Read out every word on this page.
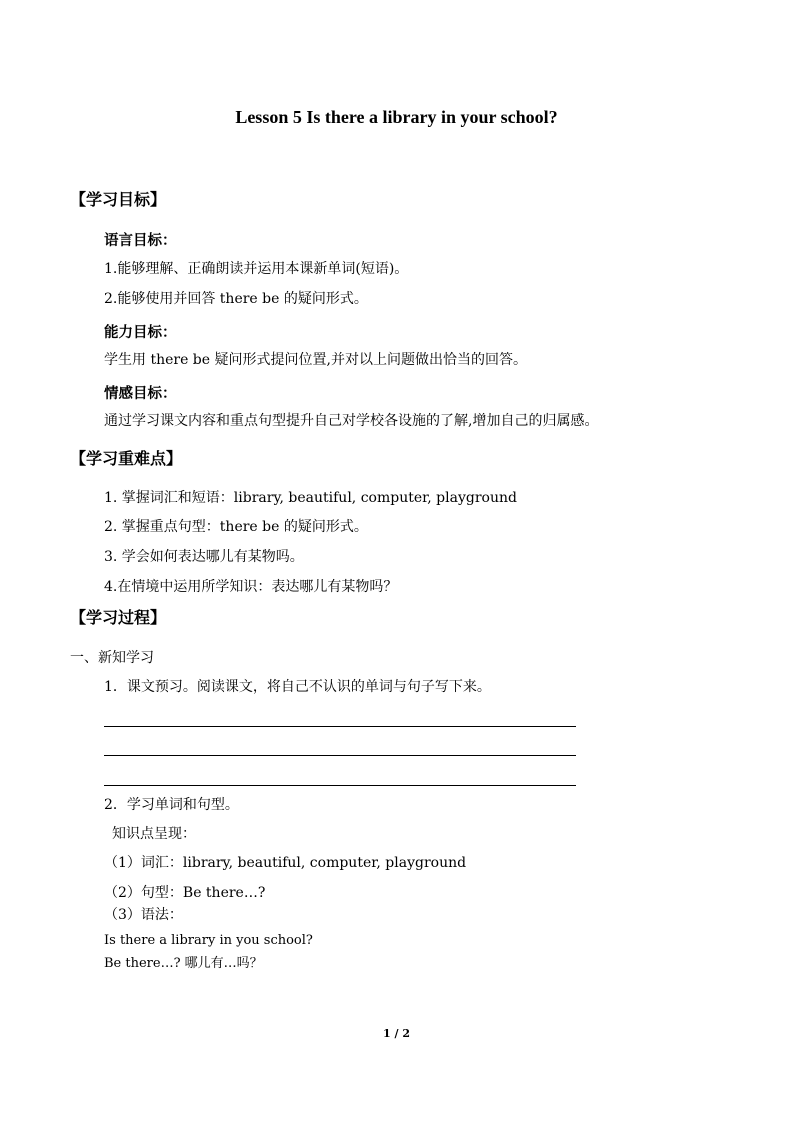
Lesson 5 Is there a library in your school?
【学习目标】
语言目标：
1.能够理解、正确朗读并运用本课新单词(短语)。
2.能够使用并回答 there be 的疑问形式。
能力目标：
学生用 there be 疑问形式提问位置,并对以上问题做出恰当的回答。
情感目标：
通过学习课文内容和重点句型提升自己对学校各设施的了解,增加自己的归属感。
【学习重难点】
1. 掌握词汇和短语：library, beautiful, computer, playground
2. 掌握重点句型：there be 的疑问形式。
3. 学会如何表达哪儿有某物吗。
4.在情境中运用所学知识：表达哪儿有某物吗？
【学习过程】
一、新知学习
1．课文预习。阅读课文，将自己不认识的单词与句子写下来。
2．学习单词和句型。
知识点呈现：
（1）词汇：library, beautiful, computer, playground
（2）句型：Be there…?
（3）语法：
Is there a library in you school?
Be there…? 哪儿有…吗？
1 / 2
